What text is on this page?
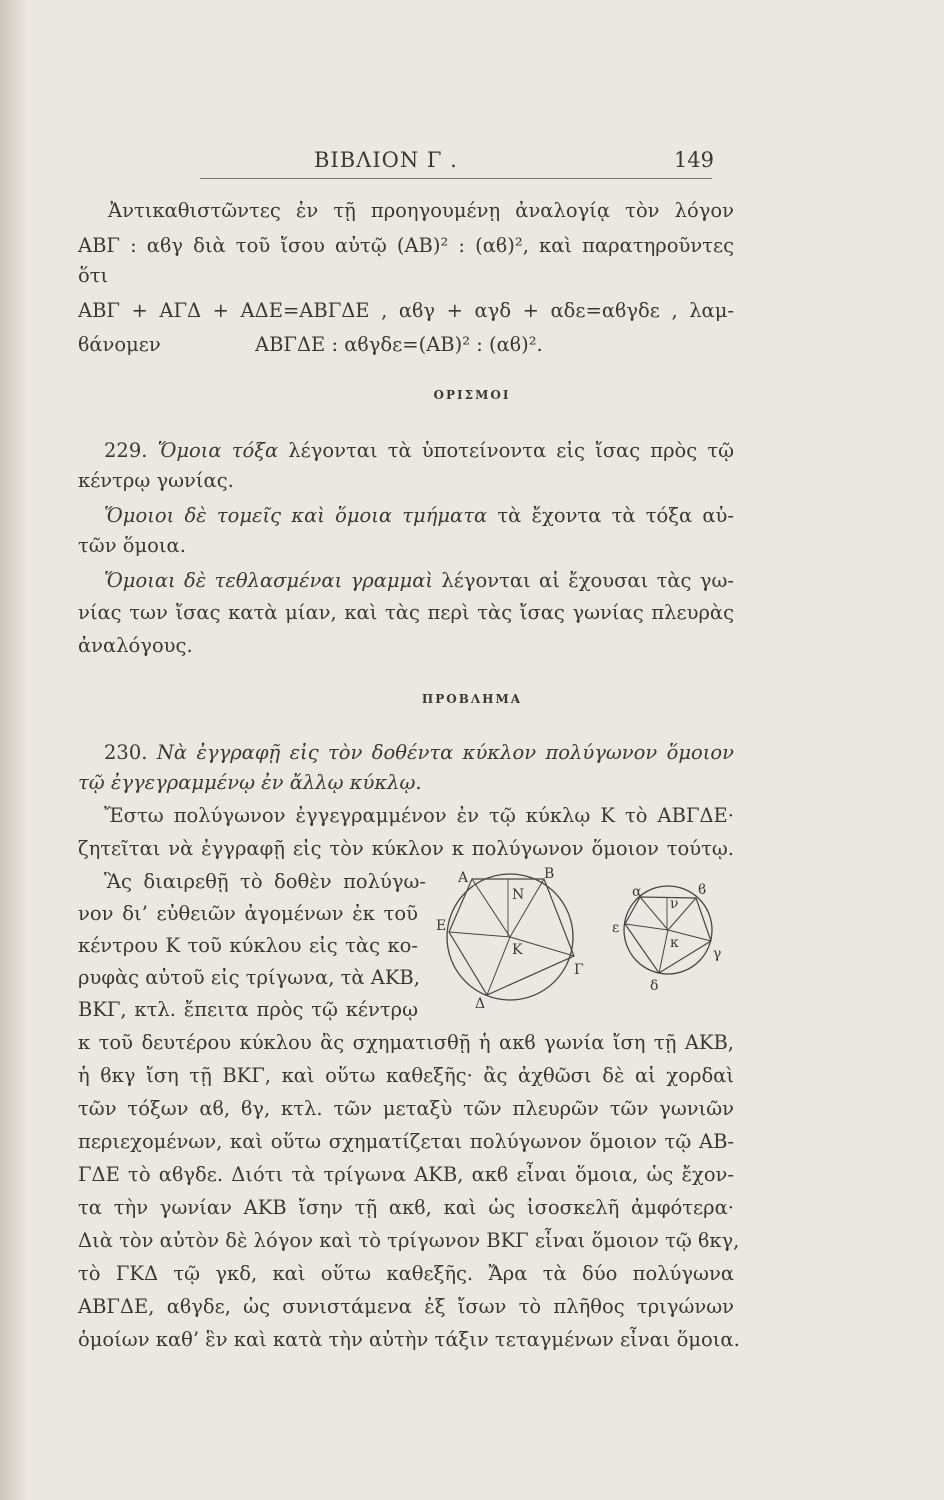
ΒΙΒΛΙΟΝ Γ .	149
Ἀντικαθιστῶντες ἐν τῇ προηγουμένῃ ἀναλογίᾳ τὸν λόγον
ΑΒΓ : αϐγ διὰ τοῦ ἴσου αὐτῷ (ΑΒ)² : (αϐ)², καὶ παρατηροῦντες
ὅτι
ΑΒΓ + ΑΓΔ + ΑΔΕ=ΑΒΓΔΕ , αϐγ + αγδ + αδε=αϐγδε , λαμ-
ϐάνομεν	ΑΒΓΔΕ : αϐγδε=(ΑΒ)² : (αϐ)².
ΟΡΙΣΜΟΙ
229. Ὅμοια τόξα λέγονται τὰ ὑποτείνοντα εἰς ἴσας πρὸς τῷ
κέντρῳ γωνίας.
Ὅμοιοι δὲ τομεῖς καὶ ὅμοια τμήματα τὰ ἔχοντα τὰ τόξα αὐ-
τῶν ὅμοια.
Ὅμοιαι δὲ τεθλασμέναι γραμμαὶ λέγονται αἱ ἔχουσαι τὰς γω-
νίας των ἴσας κατὰ μίαν, καὶ τὰς περὶ τὰς ἴσας γωνίας πλευρὰς
ἀναλόγους.
ΠΡΟΒΛΗΜΑ
230. Νὰ ἐγγραφῇ εἰς τὸν δοθέντα κύκλον πολύγωνον ὅμοιον
τῷ ἐγγεγραμμένῳ ἐν ἄλλῳ κύκλῳ.
Ἔστω πολύγωνον ἐγγεγραμμένον ἐν τῷ κύκλῳ Κ τὸ ΑΒΓΔΕ·
ζητεῖται νὰ ἐγγραφῇ εἰς τὸν κύκλον κ πολύγωνον ὅμοιον τούτῳ.
Ἃς διαιρεθῇ τὸ δοθὲν πολύγω-
νον δι’ εὐθειῶν ἀγομένων ἐκ τοῦ
κέντρου Κ τοῦ κύκλου εἰς τὰς κο-
ρυφὰς αὐτοῦ εἰς τρίγωνα, τὰ ΑΚΒ,
ΒΚΓ, κτλ. ἔπειτα πρὸς τῷ κέντρῳ
Α	Β
Γ
Δ
Ε
Κ
Ν	α	ϐ
γ
δ
ε
κ
ν
κ τοῦ δευτέρου κύκλου ἂς σχηματισθῇ ἡ ακϐ γωνία ἴση τῇ ΑΚΒ,
ἡ ϐκγ ἴση τῇ ΒΚΓ, καὶ οὕτω καθεξῆς· ἂς ἀχθῶσι δὲ αἱ χορδαὶ
τῶν τόξων αϐ, ϐγ, κτλ. τῶν μεταξὺ τῶν πλευρῶν τῶν γωνιῶν
περιεχομένων, καὶ οὕτω σχηματίζεται πολύγωνον ὅμοιον τῷ ΑΒ-
ΓΔΕ τὸ αϐγδε. Διότι τὰ τρίγωνα ΑΚΒ, ακϐ εἶναι ὅμοια, ὡς ἔχον-
τα τὴν γωνίαν ΑΚΒ ἴσην τῇ ακϐ, καὶ ὡς ἰσοσκελῆ ἀμφότερα·
Διὰ τὸν αὐτὸν δὲ λόγον καὶ τὸ τρίγωνον ΒΚΓ εἶναι ὅμοιον τῷ ϐκγ,
τὸ ΓΚΔ τῷ γκδ, καὶ οὕτω καθεξῆς. Ἄρα τὰ δύο πολύγωνα
ΑΒΓΔΕ, αϐγδε, ὡς συνιστάμενα ἐξ ἴσων τὸ πλῆθος τριγώνων
ὁμοίων καθ’ ἓν καὶ κατὰ τὴν αὐτὴν τάξιν τεταγμένων εἶναι ὅμοια.
